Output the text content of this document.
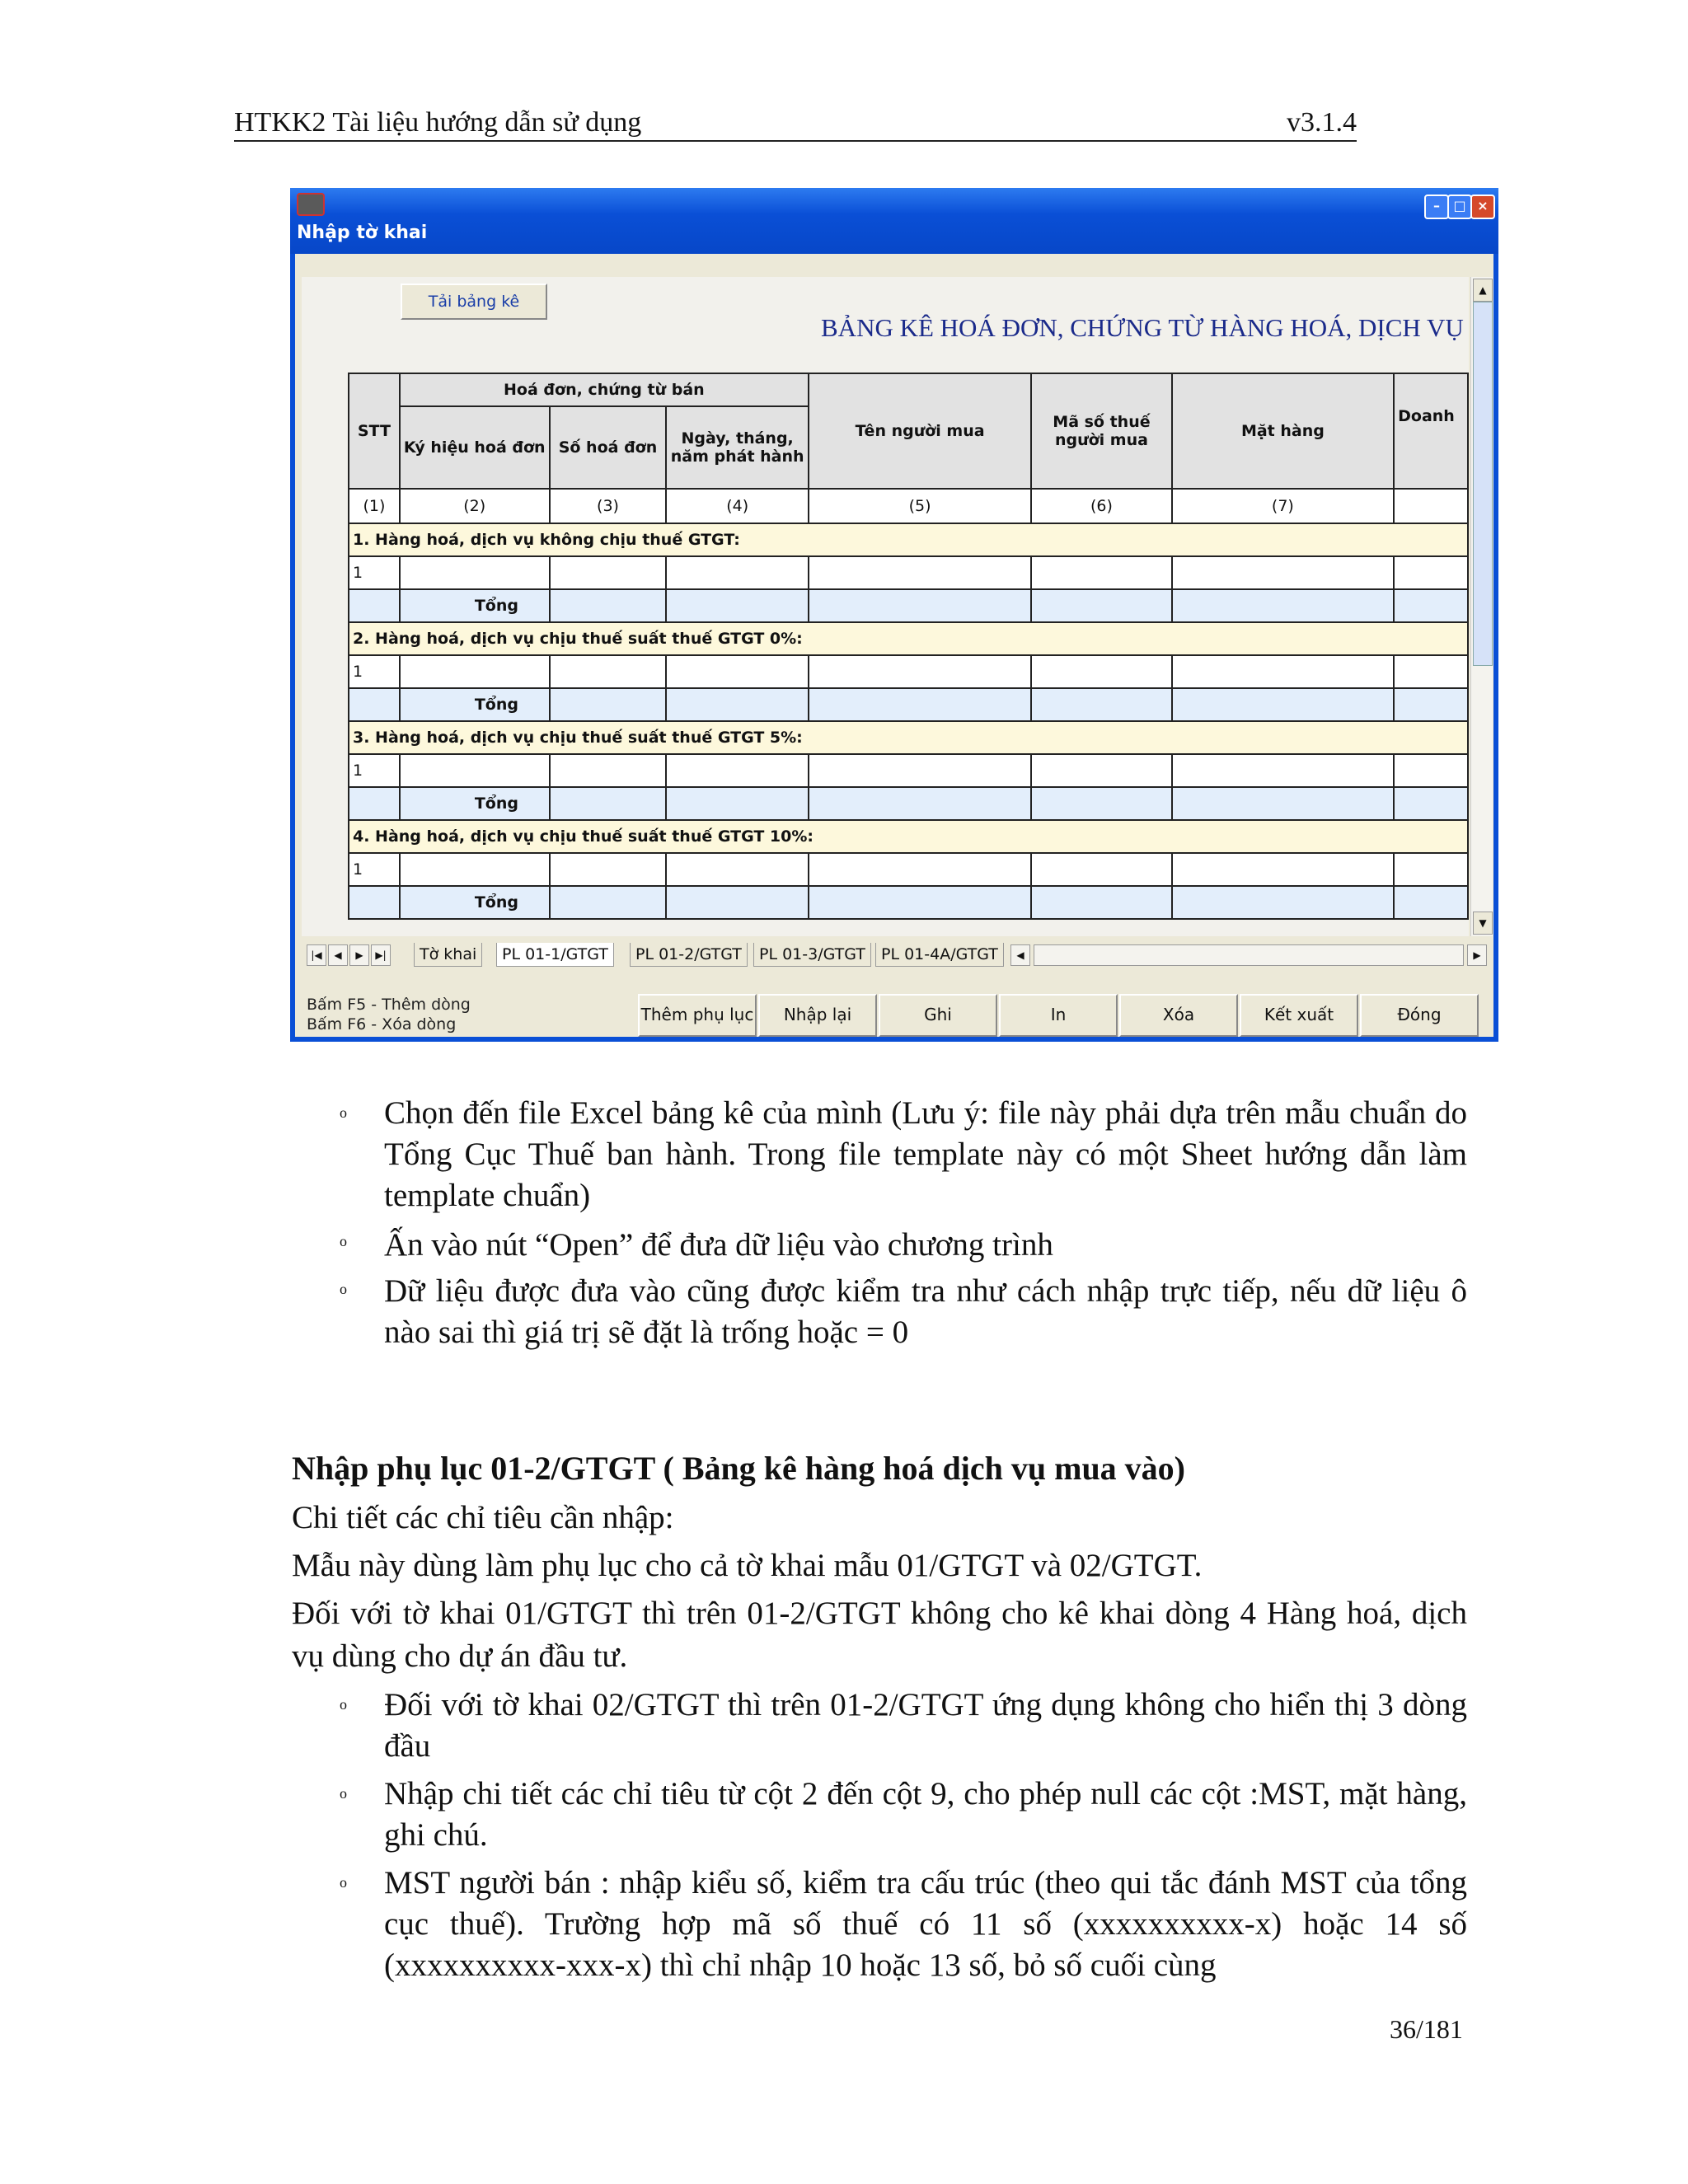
HTKK2 Tài liệu hướng dẫn sử dụng	v3.1.4
Nhập tờ khai
–	□ ×
Tải bảng kê
BẢNG KÊ HOÁ ĐƠN, CHỨNG TỪ HÀNG HOÁ, DỊCH VỤ
STT	Hoá đơn, chứng từ bán			Tên người mua	Mã số thuế người mua	Mặt hàng	Doanh
	Ký hiệu hoá đơn	Số hoá đơn	Ngày, tháng, năm phát hành				
(1)	(2)	(3)	(4)	(5)	(6)	(7)	
1. Hàng hoá, dịch vụ không chịu thuế GTGT:							
1							
	Tổng						
2. Hàng hoá, dịch vụ chịu thuế suất thuế GTGT 0%:							
1							
	Tổng						
3. Hàng hoá, dịch vụ chịu thuế suất thuế GTGT 5%:							
1							
	Tổng						
4. Hàng hoá, dịch vụ chịu thuế suất thuế GTGT 10%:							
1							
	Tổng						
▲
▼
|◀	◀	▶	▶|	Tờ khai	PL 01-1/GTGT	PL 01-2/GTGT	PL 01-3/GTGT	PL 01-4A/GTGT	◀	▶
Bấm F5 - Thêm dòng
Bấm F6 - Xóa dòng	Thêm phụ lục	Nhập lại	Ghi	In	Xóa	Kết xuất	Đóng
o Chọn đến file Excel bảng kê của mình (Lưu ý: file này phải dựa trên mẫu chuẩn do Tổng Cục Thuế ban hành. Trong file template này có một Sheet hướng dẫn làm template chuẩn)
o Ấn vào nút “Open” để đưa dữ liệu vào chương trình
o Dữ liệu được đưa vào cũng được kiểm tra như cách nhập trực tiếp, nếu dữ liệu ô nào sai thì giá trị sẽ đặt là trống hoặc = 0
Nhập phụ lục 01-2/GTGT ( Bảng kê hàng hoá dịch vụ mua vào)
Chi tiết các chỉ tiêu cần nhập:
Mẫu này dùng làm phụ lục cho cả tờ khai mẫu 01/GTGT và 02/GTGT.
Đối với tờ khai 01/GTGT thì trên 01-2/GTGT không cho kê khai dòng 4 Hàng hoá, dịch vụ dùng cho dự án đầu tư.
o Đối với tờ khai 02/GTGT thì trên 01-2/GTGT ứng dụng không cho hiển thị 3 dòng đầu
o Nhập chi tiết các chỉ tiêu từ cột 2 đến cột 9, cho phép null các cột :MST, mặt hàng, ghi chú.
o MST người bán : nhập kiểu số, kiểm tra cấu trúc (theo qui tắc đánh MST của tổng cục thuế). Trường hợp mã số thuế có 11 số (xxxxxxxxxx-x) hoặc 14 số (xxxxxxxxxx-xxx-x) thì chỉ nhập 10 hoặc 13 số, bỏ số cuối cùng
36/181
